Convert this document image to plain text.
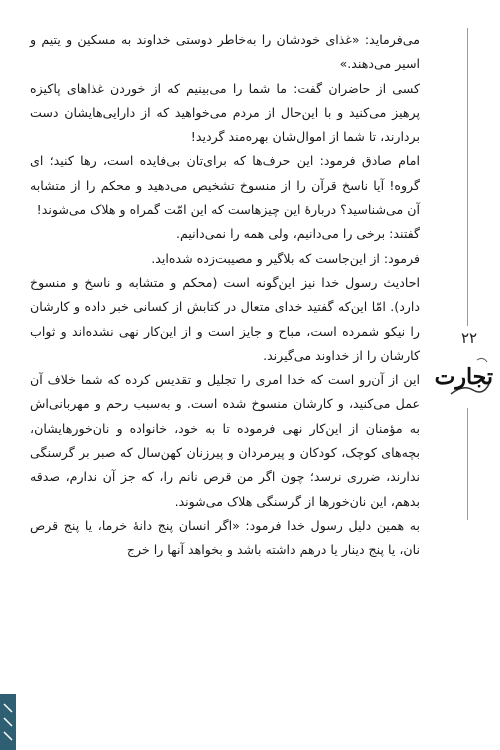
می‌فرماید: «غذای خودشان را به‌خاطر دوستی خداوند به مسکین و یتیم و اسیر می‌دهند.»

کسی از حاضران گفت: ما شما را می‌بینیم که از خوردن غذاهای پاکیزه پرهیز می‌کنید و با این‌حال از مردم می‌خواهید که از دارایی‌هایشان دست بردارند، تا شما از اموال‌شان بهره‌مند گردید!

امام صادق فرمود: این حرف‌ها که برای‌تان بی‌فایده است، رها کنید؛ ای گروه! آیا ناسخ قرآن را از منسوخ تشخیص می‌دهید و محکم را از متشابه آن می‌شناسید؟ دربارهٔ این چیزهاست که این امّت گمراه و هلاک می‌شوند!

گفتند: برخی را می‌دانیم، ولی همه را نمی‌دانیم.

فرمود: از این‌جاست که بلاگیر و مصیبت‌زده شده‌اید.

احادیث رسول خدا نیز این‌گونه است (محکم و متشابه و ناسخ و منسوخ دارد). امّا این‌که گفتید خدای متعال در کتابش از کسانی خبر داده و کارشان را نیکو شمرده است، مباح و جایز است و از این‌کار نهی نشده‌اند و ثواب کارشان را از خداوند می‌گیرند.

این از آن‌رو است که خدا امری را تجلیل و تقدیس کرده که شما خلاف آن عمل می‌کنید، و کارشان منسوخ شده است. و به‌سبب رحم و مهربانی‌اش به مؤمنان از این‌کار نهی فرموده تا به خود، خانواده و نان‌خورهایشان، بچه‌های کوچک، کودکان و پیرمردان و پیرزنان کهن‌سال که صبر بر گرسنگی ندارند، ضرری نرسد؛ چون اگر من قرص نانم را، که جز آن ندارم، صدقه بدهم، این نان‌خورها از گرسنگی هلاک می‌شوند.

به همین دلیل رسول خدا فرمود: «اگر انسان پنج دانهٔ خرما، یا پنج قرص نان، یا پنج دینار یا درهم داشته باشد و بخواهد آنها را خرج

۲۲
تجارت
